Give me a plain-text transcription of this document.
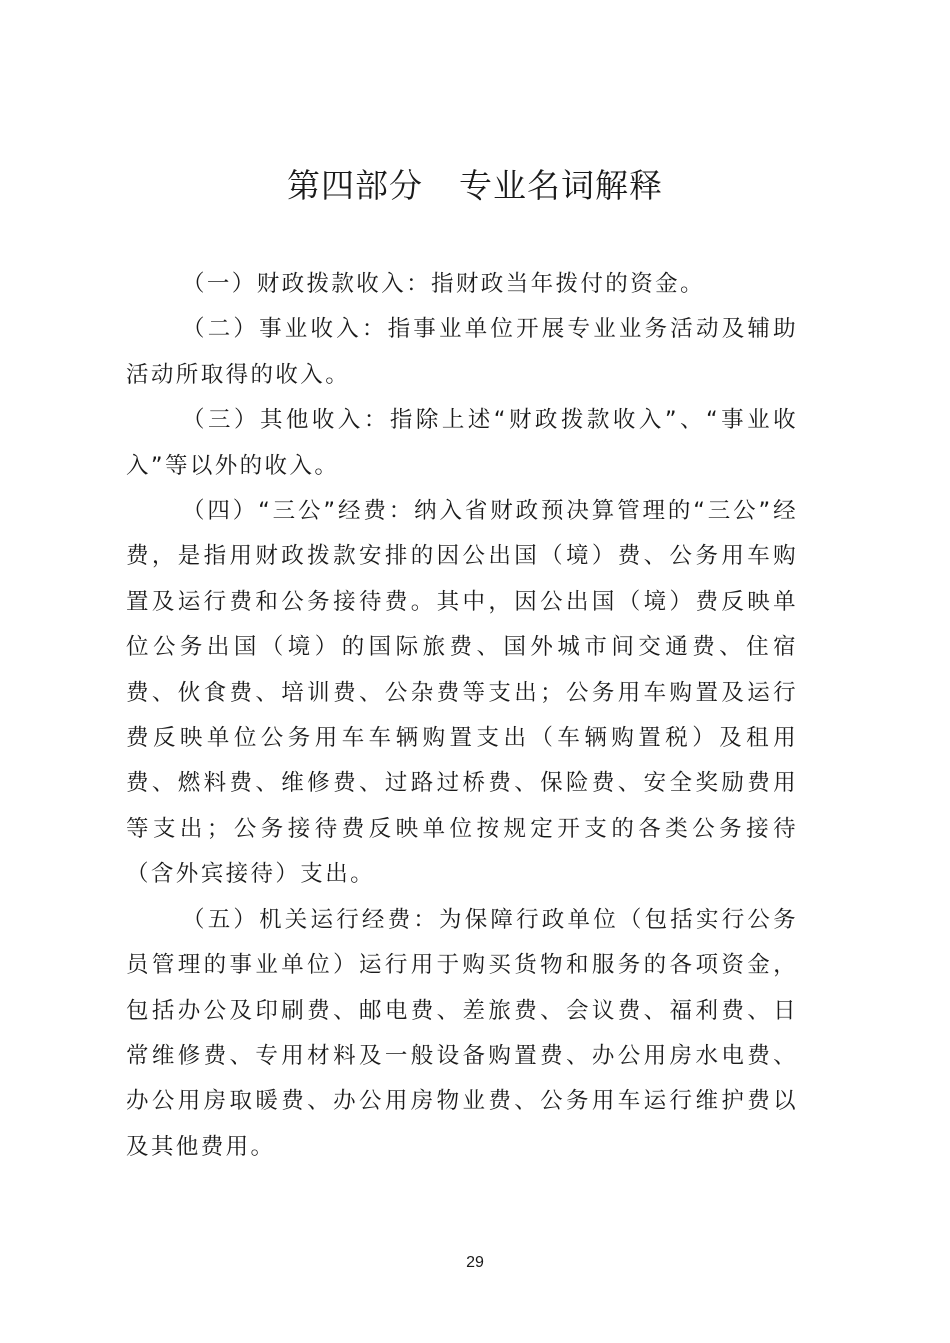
第四部分 专业名词解释

（一）财政拨款收入：指财政当年拨付的资金。

（二）事业收入：指事业单位开展专业业务活动及辅助活动所取得的收入。

（三）其他收入：指除上述“财政拨款收入”、“事业收入”等以外的收入。

（四）“三公”经费：纳入省财政预决算管理的“三公”经费，是指用财政拨款安排的因公出国（境）费、公务用车购置及运行费和公务接待费。其中，因公出国（境）费反映单位公务出国（境）的国际旅费、国外城市间交通费、住宿费、伙食费、培训费、公杂费等支出；公务用车购置及运行费反映单位公务用车车辆购置支出（车辆购置税）及租用费、燃料费、维修费、过路过桥费、保险费、安全奖励费用等支出；公务接待费反映单位按规定开支的各类公务接待（含外宾接待）支出。

（五）机关运行经费：为保障行政单位（包括实行公务员管理的事业单位）运行用于购买货物和服务的各项资金，包括办公及印刷费、邮电费、差旅费、会议费、福利费、日常维修费、专用材料及一般设备购置费、办公用房水电费、办公用房取暖费、办公用房物业费、公务用车运行维护费以及其他费用。

29
